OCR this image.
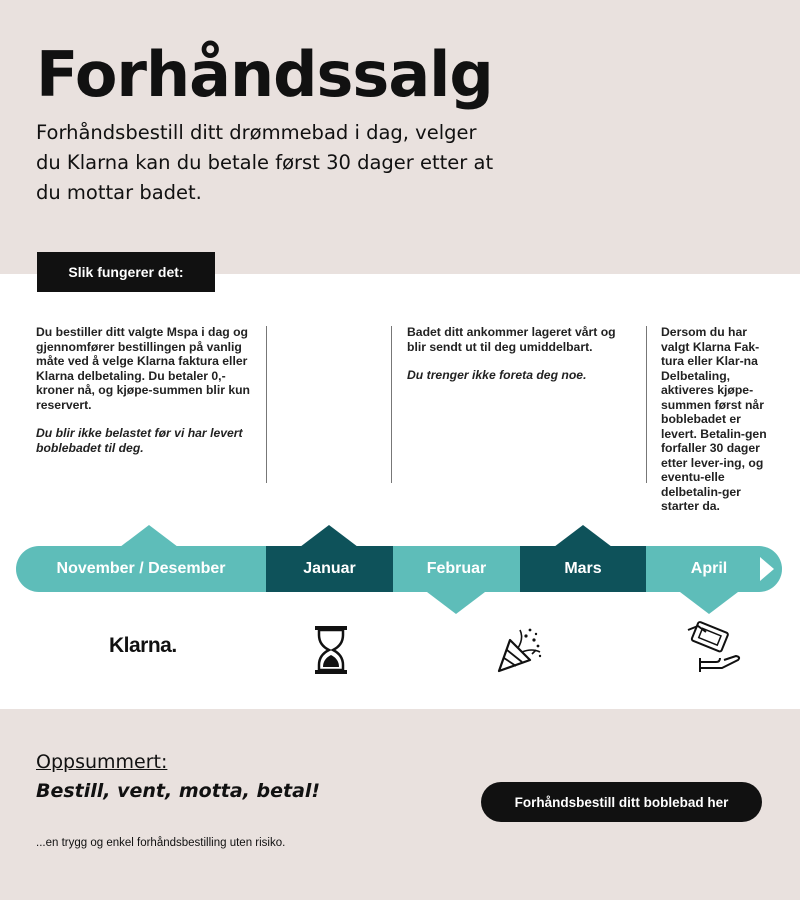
Forhåndssalg

Forhåndsbestill ditt drømmebad i dag, velger du Klarna kan du betale først 30 dager etter at du mottar badet.

Slik fungerer det:

Du bestiller ditt valgte Mspa i dag og gjennomfører bestillingen på vanlig måte ved å velge Klarna faktura eller Klarna delbetaling. Du betaler 0,- kroner nå, og kjøpe-summen blir kun reservert.

Du blir ikke belastet før vi har levert boblebadet til deg.

Badet ditt ankommer lageret vårt og blir sendt ut til deg umiddelbart.

Du trenger ikke foreta deg noe.

Dersom du har valgt Klarna Fak-tura eller Klar-na Delbetaling, aktiveres kjøpe-summen først når boblebadet er levert. Betalin-gen forfaller 30 dager etter lever-ing, og eventu-elle delbetalin-ger starter da.

November / Desember	Januar	Februar	Mars	April
Klarna.
Oppsummert:
Bestill, vent, motta, betal!
...en trygg og enkel forhåndsbestilling uten risiko.
Forhåndsbestill ditt boblebad her
